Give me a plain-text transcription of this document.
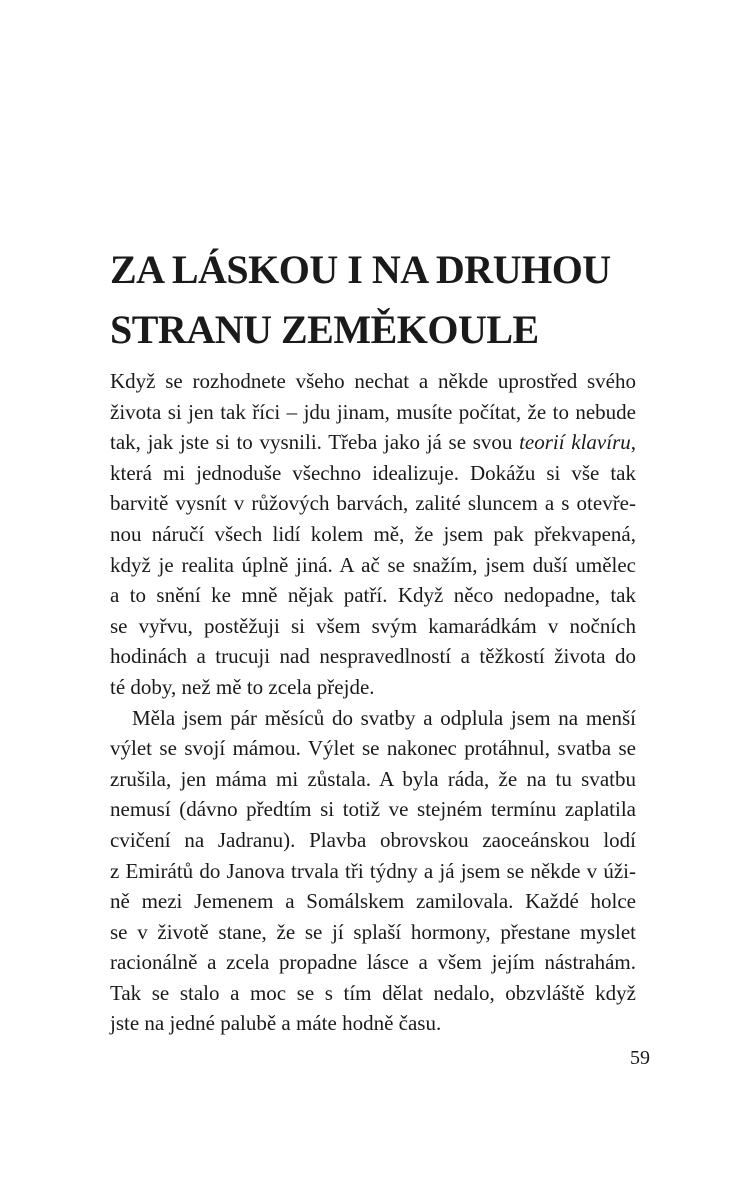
ZA LÁSKOU I NA DRUHOU
STRANU ZEMĚKOULE
Když se rozhodnete všeho nechat a někde uprostřed svého
života si jen tak říci – jdu jinam, musíte počítat, že to nebude
tak, jak jste si to vysnili. Třeba jako já se svou teorií klavíru,
která mi jednoduše všechno idealizuje. Dokážu si vše tak
barvitě vysnít v růžových barvách, zalité sluncem a s otevře-
nou náručí všech lidí kolem mě, že jsem pak překvapená,
když je realita úplně jiná. A ač se snažím, jsem duší umělec
a to snění ke mně nějak patří. Když něco nedopadne, tak
se vyřvu, postěžuji si všem svým kamarádkám v nočních
hodinách a trucuji nad nespravedlností a těžkostí života do
té doby, než mě to zcela přejde.
Měla jsem pár měsíců do svatby a odplula jsem na menší
výlet se svojí mámou. Výlet se nakonec protáhnul, svatba se
zrušila, jen máma mi zůstala. A byla ráda, že na tu svatbu
nemusí (dávno předtím si totiž ve stejném termínu zaplatila
cvičení na Jadranu). Plavba obrovskou zaoceánskou lodí
z Emirátů do Janova trvala tři týdny a já jsem se někde v úži-
ně mezi Jemenem a Somálskem zamilovala. Každé holce
se v životě stane, že se jí splaší hormony, přestane myslet
racionálně a zcela propadne lásce a všem jejím nástrahám.
Tak se stalo a moc se s tím dělat nedalo, obzvláště když
jste na jedné palubě a máte hodně času.
59
